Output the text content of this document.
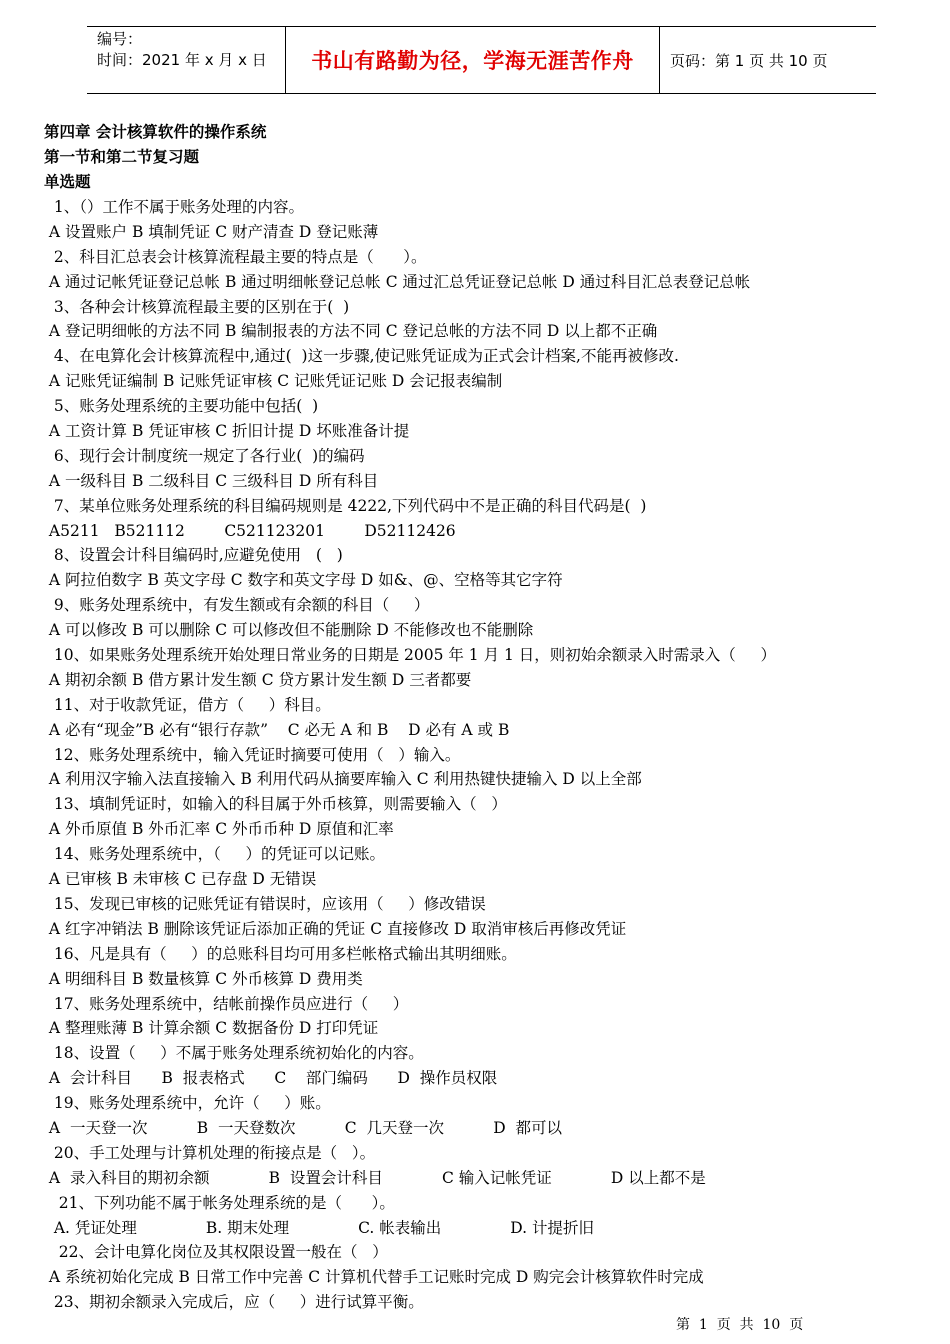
编号：
时间：2021 年 x 月 x 日	书山有路勤为径，学海无涯苦作舟 页码：第 1 页 共 10 页
第四章 会计核算软件的操作系统
第一节和第二节复习题
单选题
1、（）工作不属于账务处理的内容。
A 设置账户 B 填制凭证 C 财产清查 D 登记账薄
2、科目汇总表会计核算流程最主要的特点是（      ）。
A 通过记帐凭证登记总帐 B 通过明细帐登记总帐 C 通过汇总凭证登记总帐 D 通过科目汇总表登记总帐
3、各种会计核算流程最主要的区别在于(  )
A 登记明细帐的方法不同 B 编制报表的方法不同 C 登记总帐的方法不同 D 以上都不正确
4、在电算化会计核算流程中,通过(  )这一步骤,使记账凭证成为正式会计档案,不能再被修改.
A 记账凭证编制 B 记账凭证审核 C 记账凭证记账 D 会记报表编制
5、账务处理系统的主要功能中包括(  )
A 工资计算 B 凭证审核 C 折旧计提 D 坏账准备计提
6、现行会计制度统一规定了各行业(  )的编码
A 一级科目 B 二级科目 C 三级科目 D 所有科目
7、某单位账务处理系统的科目编码规则是 4222,下列代码中不是正确的科目代码是(  )
A5211   B521112        C521123201        D52112426
8、设置会计科目编码时,应避免使用   (   )
A 阿拉伯数字 B 英文字母 C 数字和英文字母 D 如&、@、空格等其它字符
9、账务处理系统中，有发生额或有余额的科目（     ）
A 可以修改 B 可以删除 C 可以修改但不能删除 D 不能修改也不能删除
10、如果账务处理系统开始处理日常业务的日期是 2005 年 1 月 1 日，则初始余额录入时需录入（     ）
A 期初余额 B 借方累计发生额 C 贷方累计发生额 D 三者都要
11、对于收款凭证，借方（     ）科目。
A 必有“现金”B 必有“银行存款”    C 必无 A 和 B    D 必有 A 或 B
12、账务处理系统中，输入凭证时摘要可使用（   ）输入。
A 利用汉字输入法直接输入 B 利用代码从摘要库输入 C 利用热键快捷输入 D 以上全部
13、填制凭证时，如输入的科目属于外币核算，则需要输入（   ）
A 外币原值 B 外币汇率 C 外币币种 D 原值和汇率
14、账务处理系统中，（     ）的凭证可以记账。
A 已审核 B 未审核 C 已存盘 D 无错误
15、发现已审核的记账凭证有错误时，应该用（     ）修改错误
A 红字冲销法 B 删除该凭证后添加正确的凭证 C 直接修改 D 取消审核后再修改凭证
16、凡是具有（     ）的总账科目均可用多栏帐格式输出其明细账。
A 明细科目 B 数量核算 C 外币核算 D 费用类
17、账务处理系统中，结帐前操作员应进行（     ）
A 整理账薄 B 计算余额 C 数据备份 D 打印凭证
18、设置（     ）不属于账务处理系统初始化的内容。
A  会计科目      B  报表格式      C    部门编码      D  操作员权限
19、账务处理系统中，允许（     ）账。
A  一天登一次          B  一天登数次          C  几天登一次          D  都可以
20、手工处理与计算机处理的衔接点是（   ）。
A  录入科目的期初余额            B  设置会计科目            C 输入记帐凭证            D 以上都不是
21、下列功能不属于帐务处理系统的是（      ）。
A. 凭证处理              B. 期末处理              C. 帐表输出              D. 计提折旧
22、会计电算化岗位及其权限设置一般在（   ）
A 系统初始化完成 B 日常工作中完善 C 计算机代替手工记账时完成 D 购完会计核算软件时完成
23、期初余额录入完成后，应（     ）进行试算平衡。
第  1  页  共  10  页
